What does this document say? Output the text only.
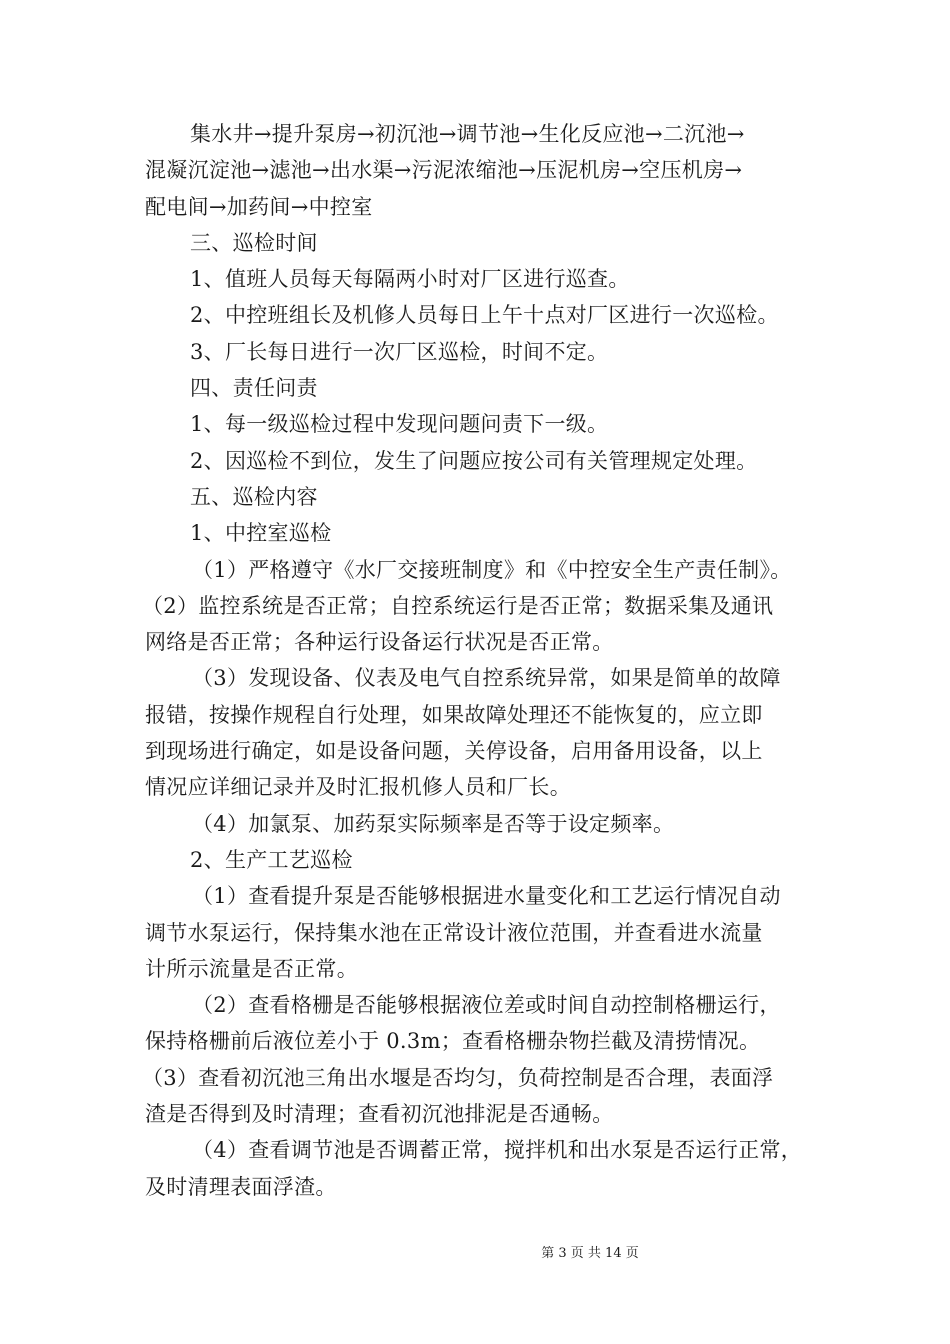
集水井→提升泵房→初沉池→调节池→生化反应池→二沉池→
混凝沉淀池→滤池→出水渠→污泥浓缩池→压泥机房→空压机房→
配电间→加药间→中控室
三、巡检时间
1、值班人员每天每隔两小时对厂区进行巡查。
2、中控班组长及机修人员每日上午十点对厂区进行一次巡检。
3、厂长每日进行一次厂区巡检，时间不定。
四、责任问责
1、每一级巡检过程中发现问题问责下一级。
2、因巡检不到位，发生了问题应按公司有关管理规定处理。
五、巡检内容
1、中控室巡检
（1）严格遵守《水厂交接班制度》和《中控安全生产责任制》。
（2）监控系统是否正常；自控系统运行是否正常；数据采集及通讯
网络是否正常；各种运行设备运行状况是否正常。
（3）发现设备、仪表及电气自控系统异常，如果是简单的故障
报错，按操作规程自行处理，如果故障处理还不能恢复的，应立即
到现场进行确定，如是设备问题，关停设备，启用备用设备，以上
情况应详细记录并及时汇报机修人员和厂长。
（4）加氯泵、加药泵实际频率是否等于设定频率。
2、生产工艺巡检
（1）查看提升泵是否能够根据进水量变化和工艺运行情况自动
调节水泵运行，保持集水池在正常设计液位范围，并查看进水流量
计所示流量是否正常。
（2）查看格栅是否能够根据液位差或时间自动控制格栅运行，
保持格栅前后液位差小于 0.3m；查看格栅杂物拦截及清捞情况。
（3）查看初沉池三角出水堰是否均匀，负荷控制是否合理，表面浮
渣是否得到及时清理；查看初沉池排泥是否通畅。
（4）查看调节池是否调蓄正常，搅拌机和出水泵是否运行正常，
及时清理表面浮渣。
第 3 页 共 14 页
